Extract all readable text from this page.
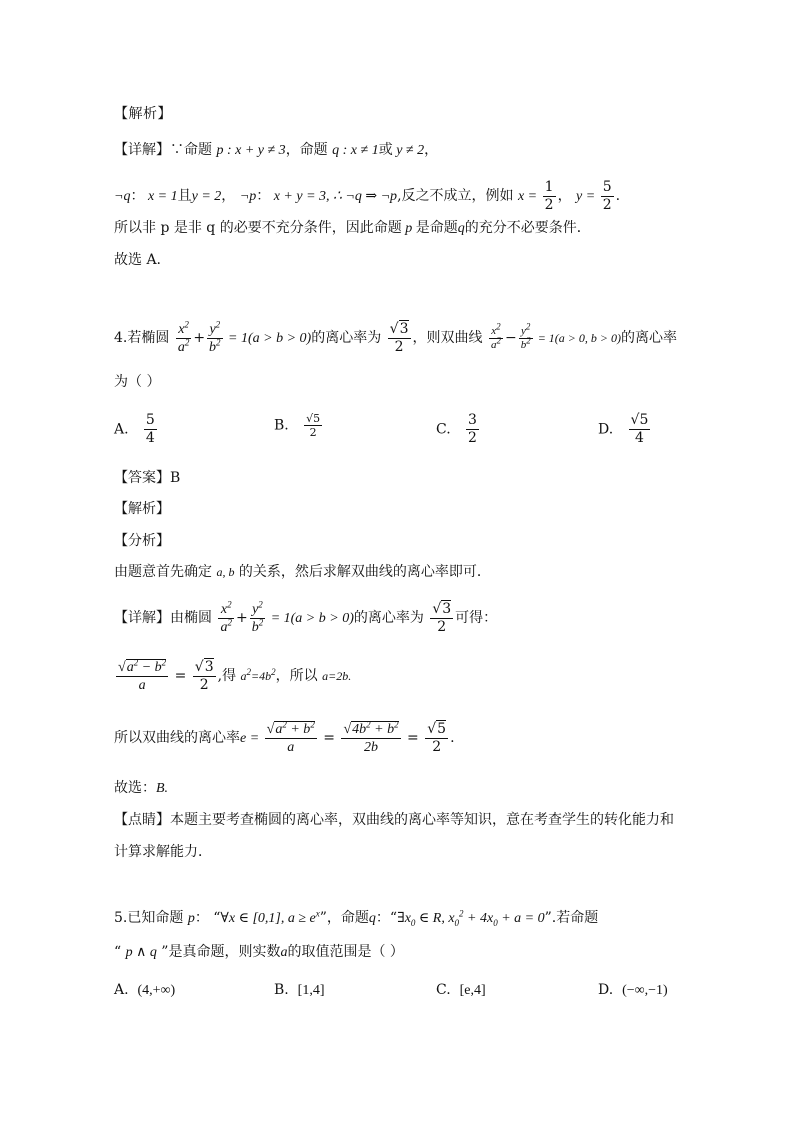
【解析】
【详解】∵命题 p : x + y ≠ 3，命题 q : x ≠ 1或 y ≠ 2，
¬q： x = 1且y = 2， ¬p： x + y = 3, ∴ ¬q ⇒ ¬p,反之不成立，例如 $x = \frac{1}{2}$ ， $y = \frac{5}{2}$ .
所以非 p 是非 q 的必要不充分条件，因此命题 p 是命题q的充分不必要条件．
故选 A.
4.若椭圆 $\frac{x^2}{a^2} + \frac{y^2}{b^2} = 1(a > b > 0)$的离心率为 $\frac{√3}{2}$ ，则双曲线 $\frac{x^2}{a^2} - \frac{y^2}{b^2} = 1(a > 0$, b > 0)的离心率
为（ ）
A. $\frac{5}{4}$	B. $\frac{√5}{2}$	C. $\frac{3}{2}$	D. $\frac{√5}{4}$
【答案】B
【解析】
【分析】
由题意首先确定 a, b 的关系，然后求解双曲线的离心率即可．
【详解】由椭圆 $\frac{x^2}{a^2} + \frac{y^2}{b^2} = 1(a > b > 0)$的离心率为 $\frac{√3}{2}$ 可得：
$\frac{√a^2 - b^2}{a} = \frac{√3}{2}$ ,得 $a^2=4b^2$，所以 a=2b.
所以双曲线的离心率$e = \frac{√a^2 + b^2}{a} = \frac{√4b^2 + b^2}{2b} = \frac{√5}{2}$ .
故选：B.
【点睛】本题主要考查椭圆的离心率，双曲线的离心率等知识，意在考查学生的转化能力和
计算求解能力．
5.已知命题 p： “∀x ∈ [0,1], $a \ge e^x$”，命题q：“$\exists x_0$ ∈ R, $x_0^2 + 4x_0 + a = 0$”.若命题
“ p ∧ q ”是真命题，则实数a的取值范围是（ ）
A. (4,+∞)	B. [1,4]	C. [e,4]	D. (−∞,−1)
